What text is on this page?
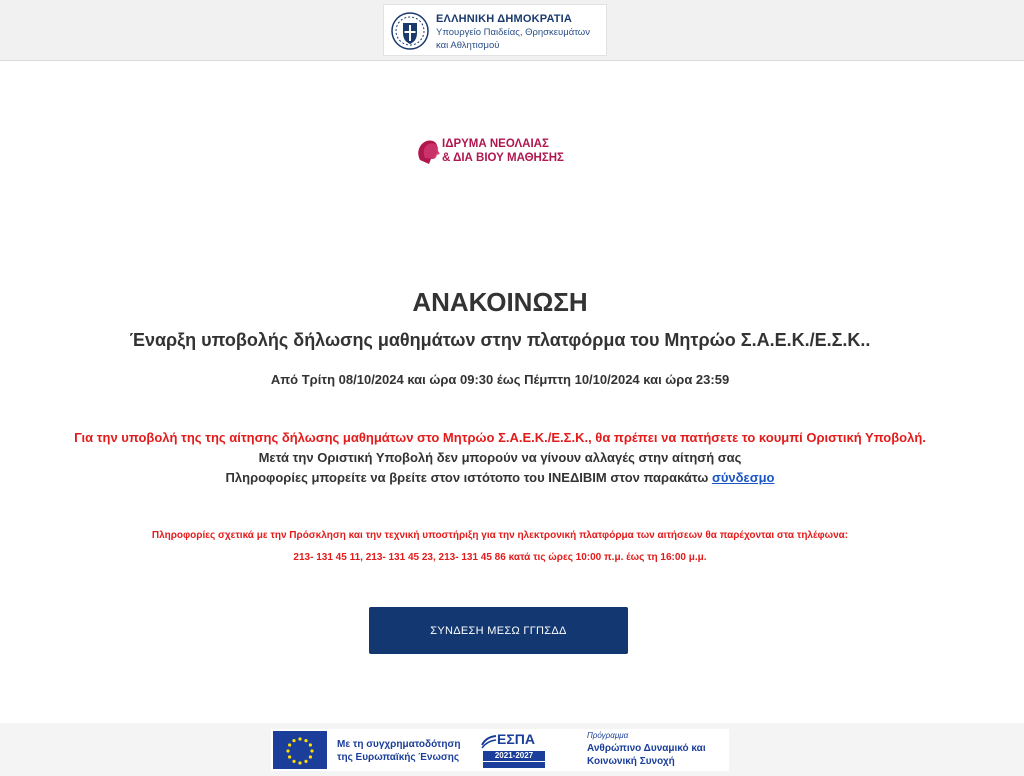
ΕΛΛΗΝΙΚΗ ΔΗΜΟΚΡΑΤΙΑ
Υπουργείο Παιδείας, Θρησκευμάτων
και Αθλητισμού
ΙΔΡΥΜΑ ΝΕΟΛΑΙΑΣ
& ΔΙΑ ΒΙΟΥ ΜΑΘΗΣΗΣ
ΑΝΑΚΟΙΝΩΣΗ
Έναρξη υποβολής δήλωσης μαθημάτων στην πλατφόρμα του Μητρώο Σ.Α.Ε.Κ./Ε.Σ.Κ..
Από Τρίτη 08/10/2024 και ώρα 09:30 έως Πέμπτη 10/10/2024 και ώρα 23:59
Για την υποβολή της της αίτησης δήλωσης μαθημάτων στο Μητρώο Σ.Α.Ε.Κ./Ε.Σ.Κ., θα πρέπει να πατήσετε το κουμπί Οριστική Υποβολή.
Μετά την Οριστική Υποβολή δεν μπορούν να γίνουν αλλαγές στην αίτησή σας
Πληροφορίες μπορείτε να βρείτε στον ιστότοπο του ΙΝΕΔΙΒΙΜ στον παρακάτω σύνδεσμο
Πληροφορίες σχετικά με την Πρόσκληση και την τεχνική υποστήριξη για την ηλεκτρονική πλατφόρμα των αιτήσεων θα παρέχονται στα τηλέφωνα:
213- 131 45 11, 213- 131 45 23, 213- 131 45 86 κατά τις ώρες 10:00 π.μ. έως τη 16:00 μ.μ.
ΣΥΝΔΕΣΗ ΜΕΣΩ ΓΓΠΣΔΔ
Με τη συγχρηματοδότηση
της Ευρωπαϊκής Ένωσης
ΕΣΠΑ
2021-2027
Πρόγραμμα
Ανθρώπινο Δυναμικό και
Κοινωνική Συνοχή
